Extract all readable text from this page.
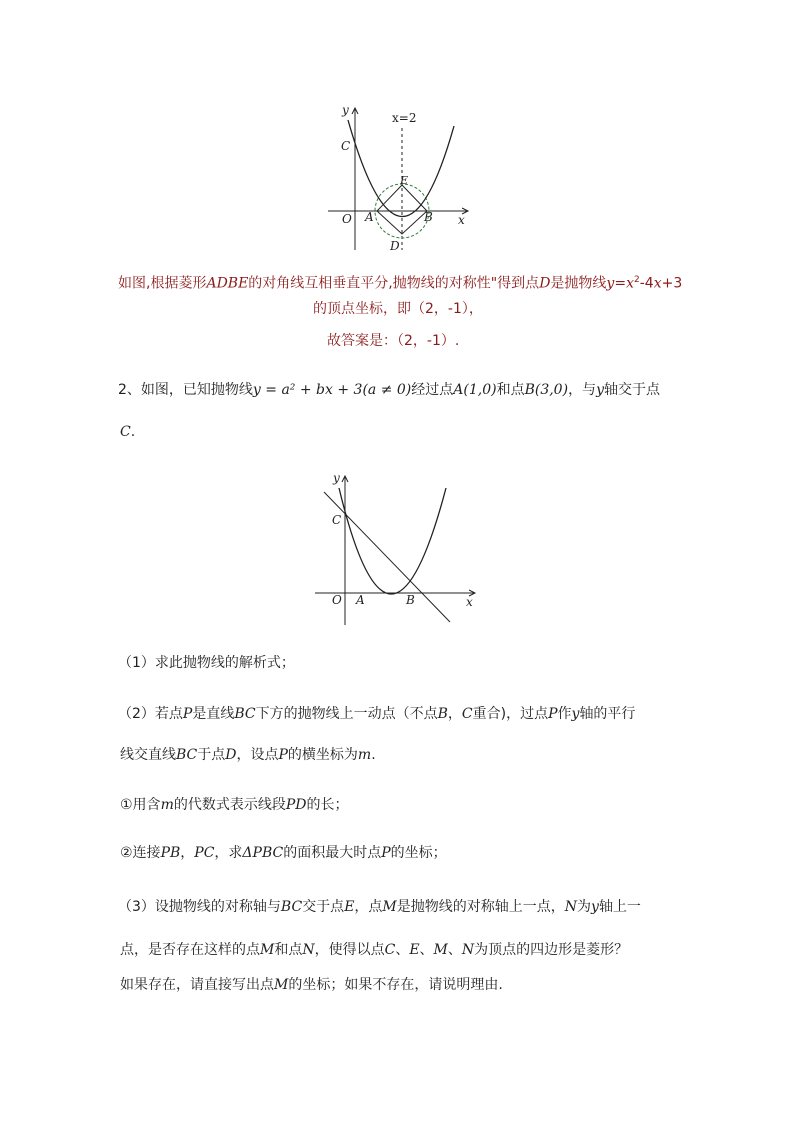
y
x=2
C
E
O A	B x
D
如图,根据菱形ADBE的对角线互相垂直平分,抛物线的对称性"得到点D是抛物线$y=x^2-4x+3$
的顶点坐标，即（2，-1），
故答案是：（2，-1）.
2、如图，已知抛物线y = a² + bx + 3(a ≠ 0)经过点A(1,0)和点B(3,0)，与y轴交于点
C.
y
C
O A	B	x
（1）求此抛物线的解析式；
（2）若点P是直线BC下方的抛物线上一动点（不点B，C重合)，过点P作y轴的平行
线交直线BC于点D，设点P的横坐标为m.
①用含m的代数式表示线段PD的长；
②连接PB，PC，求ΔPBC的面积最大时点P的坐标；
（3）设抛物线的对称轴与BC交于点E，点M是抛物线的对称轴上一点，N为y轴上一
点，是否存在这样的点M和点N，使得以点C、E、M、N为顶点的四边形是菱形？
如果存在，请直接写出点M的坐标；如果不存在，请说明理由.
